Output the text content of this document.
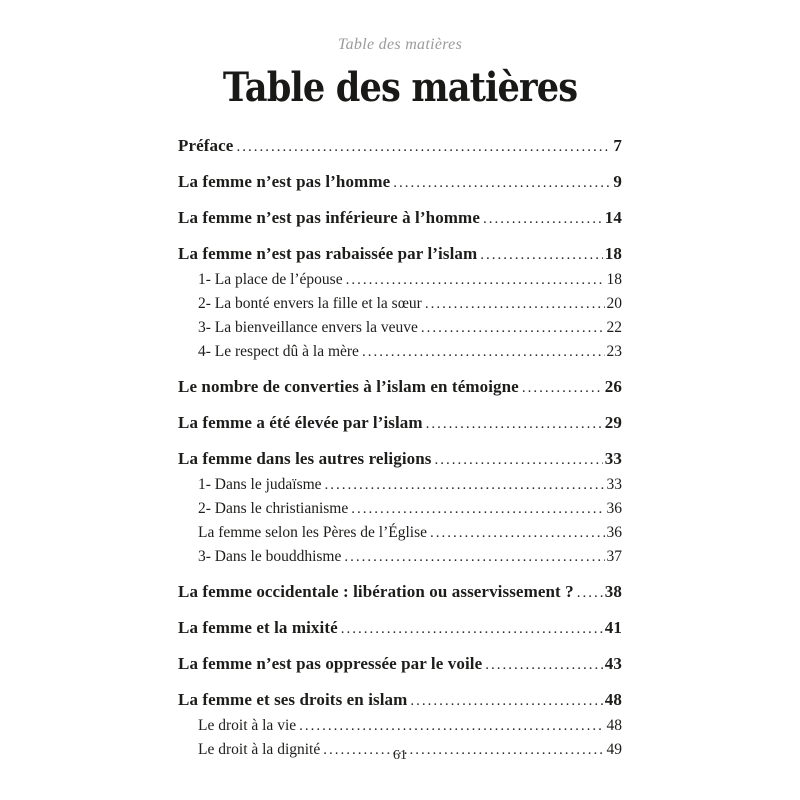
Table des matières
Table des matières
Préface .....	7
La femme n’est pas l’homme .....	9
La femme n’est pas inférieure à l’homme .....	14
La femme n’est pas rabaissée par l’islam .....	18
1- La place de l’épouse .....	18
2- La bonté envers la fille et la sœur .....	20
3- La bienveillance envers la veuve .....	22
4- Le respect dû à la mère .....	23
Le nombre de converties à l’islam en témoigne .....	26
La femme a été élevée par l’islam .....	29
La femme dans les autres religions .....	33
1- Dans le judaïsme .....	33
2- Dans le christianisme .....	36
La femme selon les Pères de l’Église .....	36
3- Dans le bouddhisme .....	37
La femme occidentale : libération ou asservissement ? ..... 38
La femme et la mixité .....	41
La femme n’est pas oppressée par le voile .....	43
La femme et ses droits en islam .....	48
Le droit à la vie .....	48
Le droit à la dignité .....	49
61
